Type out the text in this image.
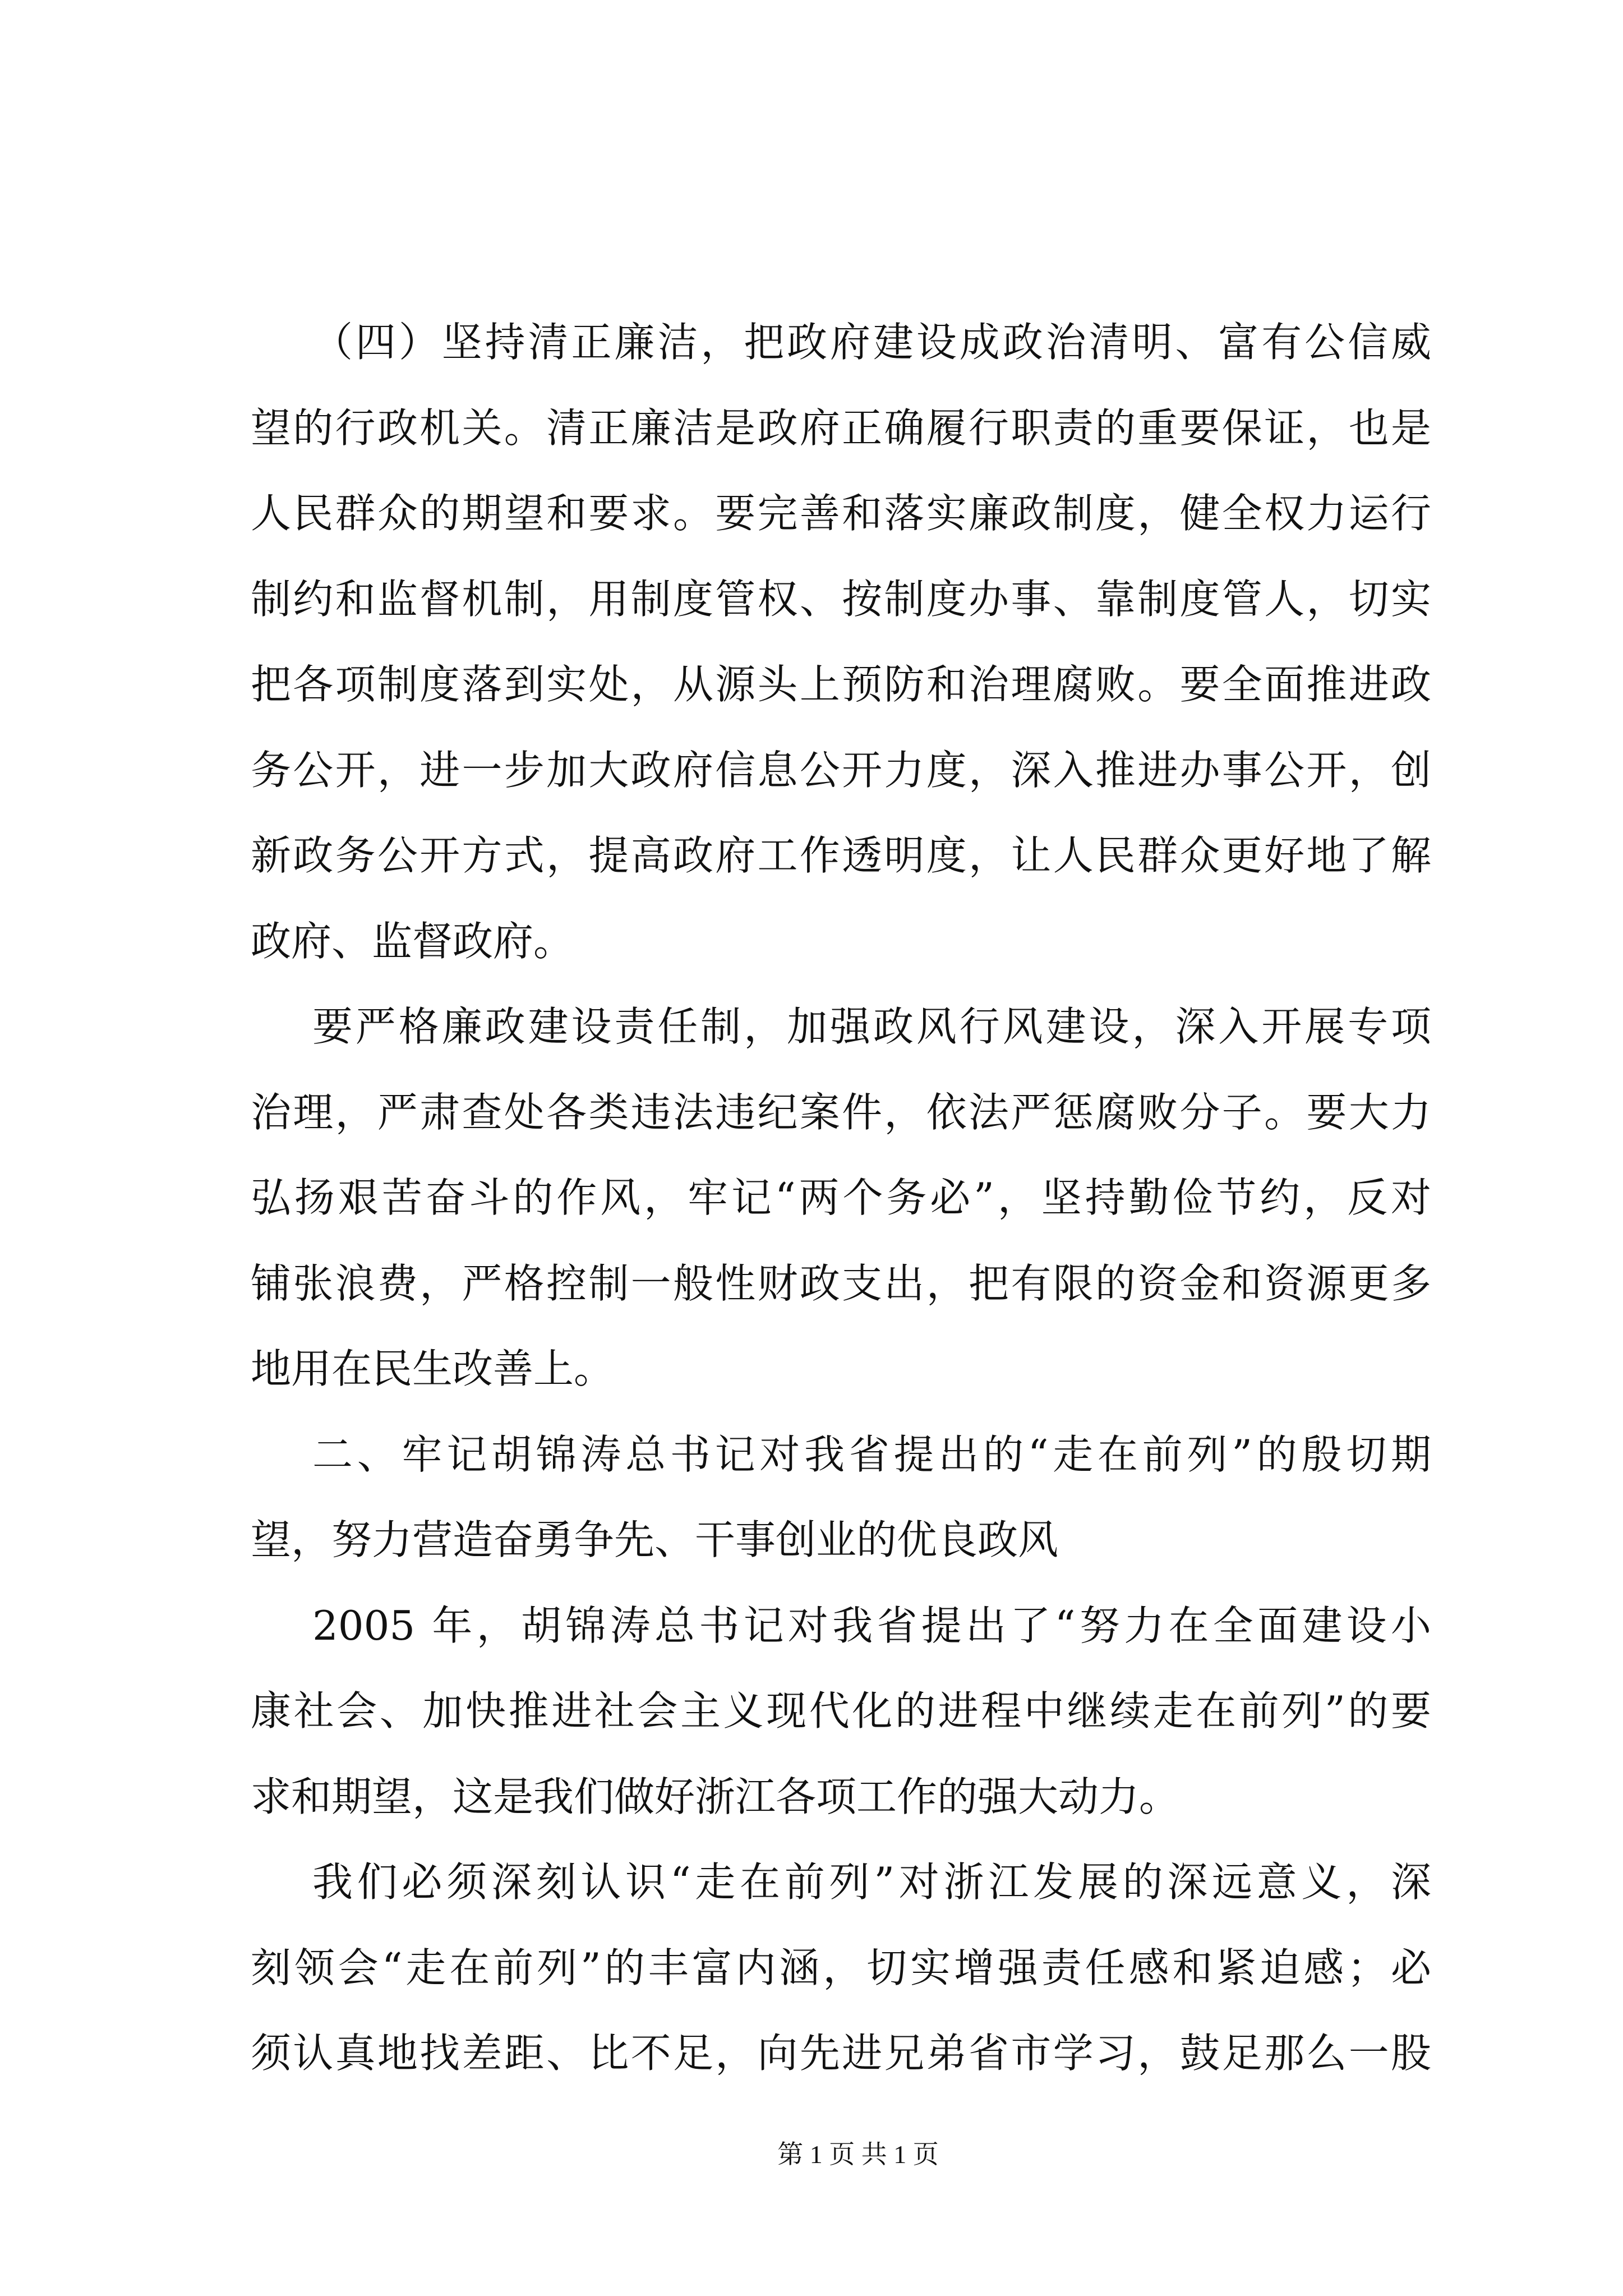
（四）坚持清正廉洁，把政府建设成政治清明、富有公信威
望的行政机关。清正廉洁是政府正确履行职责的重要保证，也是
人民群众的期望和要求。要完善和落实廉政制度，健全权力运行
制约和监督机制，用制度管权、按制度办事、靠制度管人，切实
把各项制度落到实处，从源头上预防和治理腐败。要全面推进政
务公开，进一步加大政府信息公开力度，深入推进办事公开，创
新政务公开方式，提高政府工作透明度，让人民群众更好地了解
政府、监督政府。
要严格廉政建设责任制，加强政风行风建设，深入开展专项
治理，严肃查处各类违法违纪案件，依法严惩腐败分子。要大力
弘扬艰苦奋斗的作风，牢记“两个务必”，坚持勤俭节约，反对
铺张浪费，严格控制一般性财政支出，把有限的资金和资源更多
地用在民生改善上。
二、牢记胡锦涛总书记对我省提出的“走在前列”的殷切期
望，努力营造奋勇争先、干事创业的优良政风
2005 年，胡锦涛总书记对我省提出了“努力在全面建设小
康社会、加快推进社会主义现代化的进程中继续走在前列”的要
求和期望，这是我们做好浙江各项工作的强大动力。
我们必须深刻认识“走在前列”对浙江发展的深远意义，深
刻领会“走在前列”的丰富内涵，切实增强责任感和紧迫感；必
须认真地找差距、比不足，向先进兄弟省市学习，鼓足那么一股
第 1 页 共 1 页
